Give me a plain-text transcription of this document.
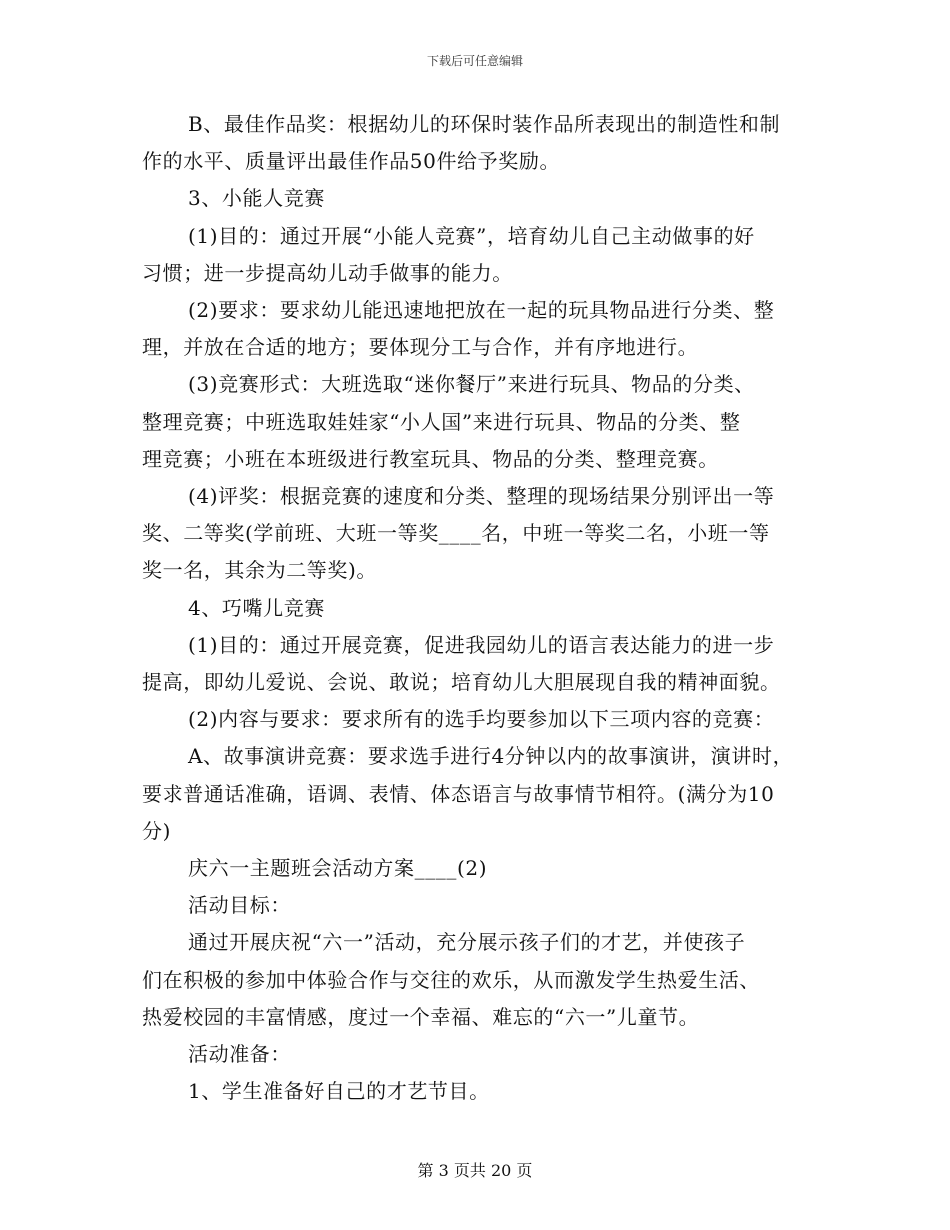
下载后可任意编辑
B、最佳作品奖：根据幼儿的环保时装作品所表现出的制造性和制
作的水平、质量评出最佳作品50件给予奖励。
3、小能人竞赛
(1)目的：通过开展“小能人竞赛”，培育幼儿自己主动做事的好
习惯；进一步提高幼儿动手做事的能力。
(2)要求：要求幼儿能迅速地把放在一起的玩具物品进行分类、整
理，并放在合适的地方；要体现分工与合作，并有序地进行。
(3)竞赛形式：大班选取“迷你餐厅”来进行玩具、物品的分类、
整理竞赛；中班选取娃娃家“小人国”来进行玩具、物品的分类、整
理竞赛；小班在本班级进行教室玩具、物品的分类、整理竞赛。
(4)评奖：根据竞赛的速度和分类、整理的现场结果分别评出一等
奖、二等奖(学前班、大班一等奖____名，中班一等奖二名，小班一等
奖一名，其余为二等奖)。
4、巧嘴儿竞赛
(1)目的：通过开展竞赛，促进我园幼儿的语言表达能力的进一步
提高，即幼儿爱说、会说、敢说；培育幼儿大胆展现自我的精神面貌。
(2)内容与要求：要求所有的选手均要参加以下三项内容的竞赛：
A、故事演讲竞赛：要求选手进行4分钟以内的故事演讲，演讲时，
要求普通话准确，语调、表情、体态语言与故事情节相符。(满分为10
分)
庆六一主题班会活动方案____(2)
活动目标：
通过开展庆祝“六一”活动，充分展示孩子们的才艺，并使孩子
们在积极的参加中体验合作与交往的欢乐，从而激发学生热爱生活、
热爱校园的丰富情感，度过一个幸福、难忘的“六一”儿童节。
活动准备：
1、学生准备好自己的才艺节目。
第 3 页共 20 页
